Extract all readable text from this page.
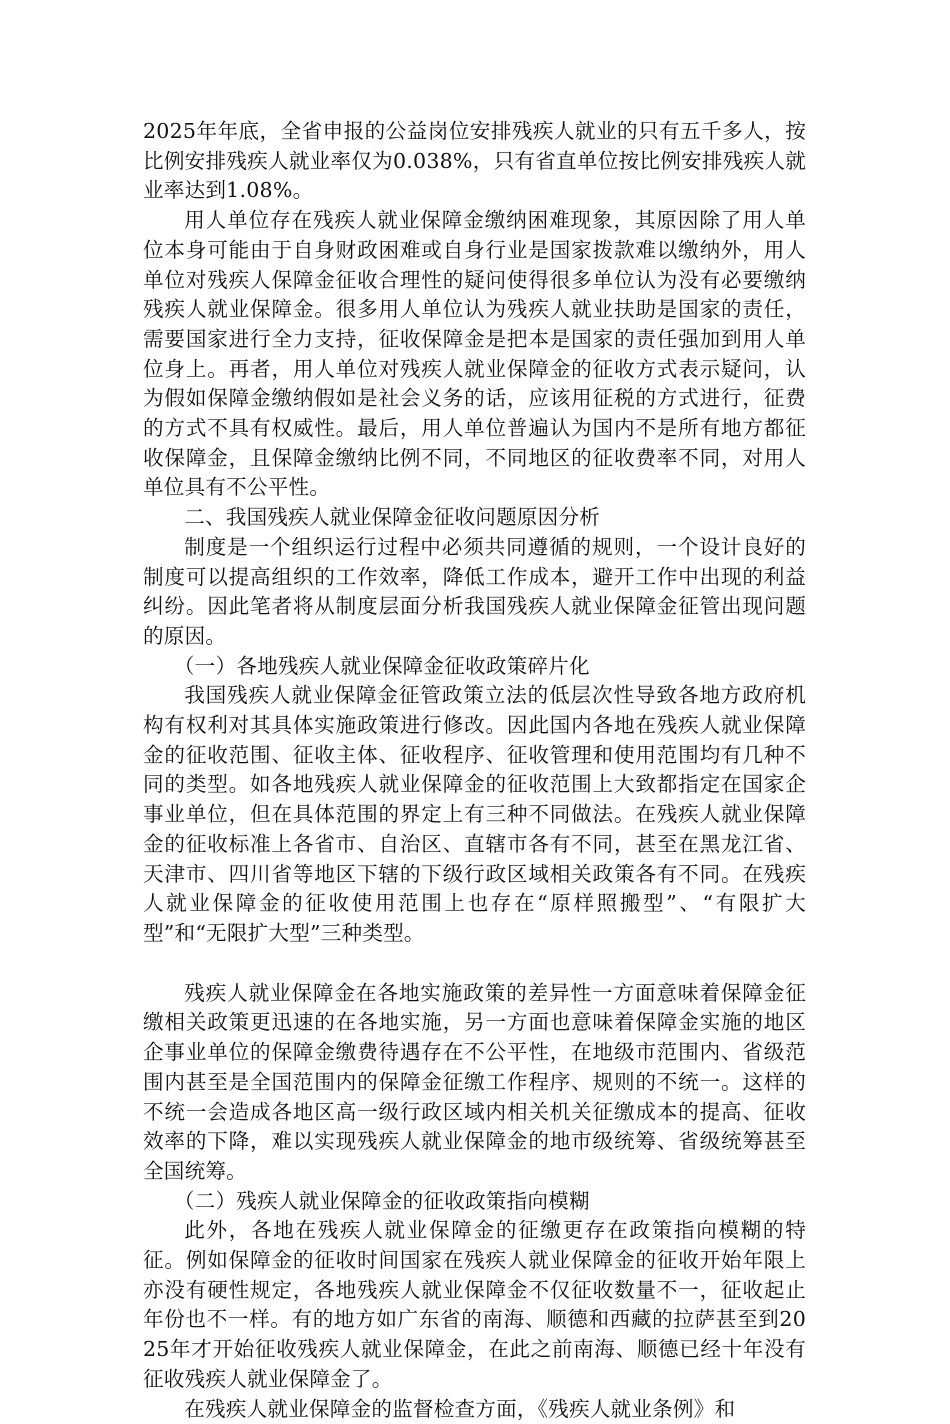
2025年年底，全省申报的公益岗位安排残疾人就业的只有五千多人，按比例安排残疾人就业率仅为0.038%，只有省直单位按比例安排残疾人就业率达到1.08%。

用人单位存在残疾人就业保障金缴纳困难现象，其原因除了用人单位本身可能由于自身财政困难或自身行业是国家拨款难以缴纳外，用人单位对残疾人保障金征收合理性的疑问使得很多单位认为没有必要缴纳残疾人就业保障金。很多用人单位认为残疾人就业扶助是国家的责任，需要国家进行全力支持，征收保障金是把本是国家的责任强加到用人单位身上。再者，用人单位对残疾人就业保障金的征收方式表示疑问，认为假如保障金缴纳假如是社会义务的话，应该用征税的方式进行，征费的方式不具有权威性。最后，用人单位普遍认为国内不是所有地方都征收保障金，且保障金缴纳比例不同，不同地区的征收费率不同，对用人单位具有不公平性。

二、我国残疾人就业保障金征收问题原因分析

制度是一个组织运行过程中必须共同遵循的规则，一个设计良好的制度可以提高组织的工作效率，降低工作成本，避开工作中出现的利益纠纷。因此笔者将从制度层面分析我国残疾人就业保障金征管出现问题的原因。

（一）各地残疾人就业保障金征收政策碎片化

我国残疾人就业保障金征管政策立法的低层次性导致各地方政府机构有权利对其具体实施政策进行修改。因此国内各地在残疾人就业保障金的征收范围、征收主体、征收程序、征收管理和使用范围均有几种不同的类型。如各地残疾人就业保障金的征收范围上大致都指定在国家企事业单位，但在具体范围的界定上有三种不同做法。在残疾人就业保障金的征收标准上各省市、自治区、直辖市各有不同，甚至在黑龙江省、天津市、四川省等地区下辖的下级行政区域相关政策各有不同。在残疾人就业保障金的征收使用范围上也存在“原样照搬型”、“有限扩大型”和“无限扩大型”三种类型。

残疾人就业保障金在各地实施政策的差异性一方面意味着保障金征缴相关政策更迅速的在各地实施，另一方面也意味着保障金实施的地区企事业单位的保障金缴费待遇存在不公平性，在地级市范围内、省级范围内甚至是全国范围内的保障金征缴工作程序、规则的不统一。这样的不统一会造成各地区高一级行政区域内相关机关征缴成本的提高、征收效率的下降，难以实现残疾人就业保障金的地市级统筹、省级统筹甚至全国统筹。

（二）残疾人就业保障金的征收政策指向模糊

此外，各地在残疾人就业保障金的征缴更存在政策指向模糊的特征。例如保障金的征收时间国家在残疾人就业保障金的征收开始年限上亦没有硬性规定，各地残疾人就业保障金不仅征收数量不一，征收起止年份也不一样。有的地方如广东省的南海、顺德和西藏的拉萨甚至到2025年才开始征收残疾人就业保障金，在此之前南海、顺德已经十年没有征收残疾人就业保障金了。

在残疾人就业保障金的监督检查方面，《残疾人就业条例》和
